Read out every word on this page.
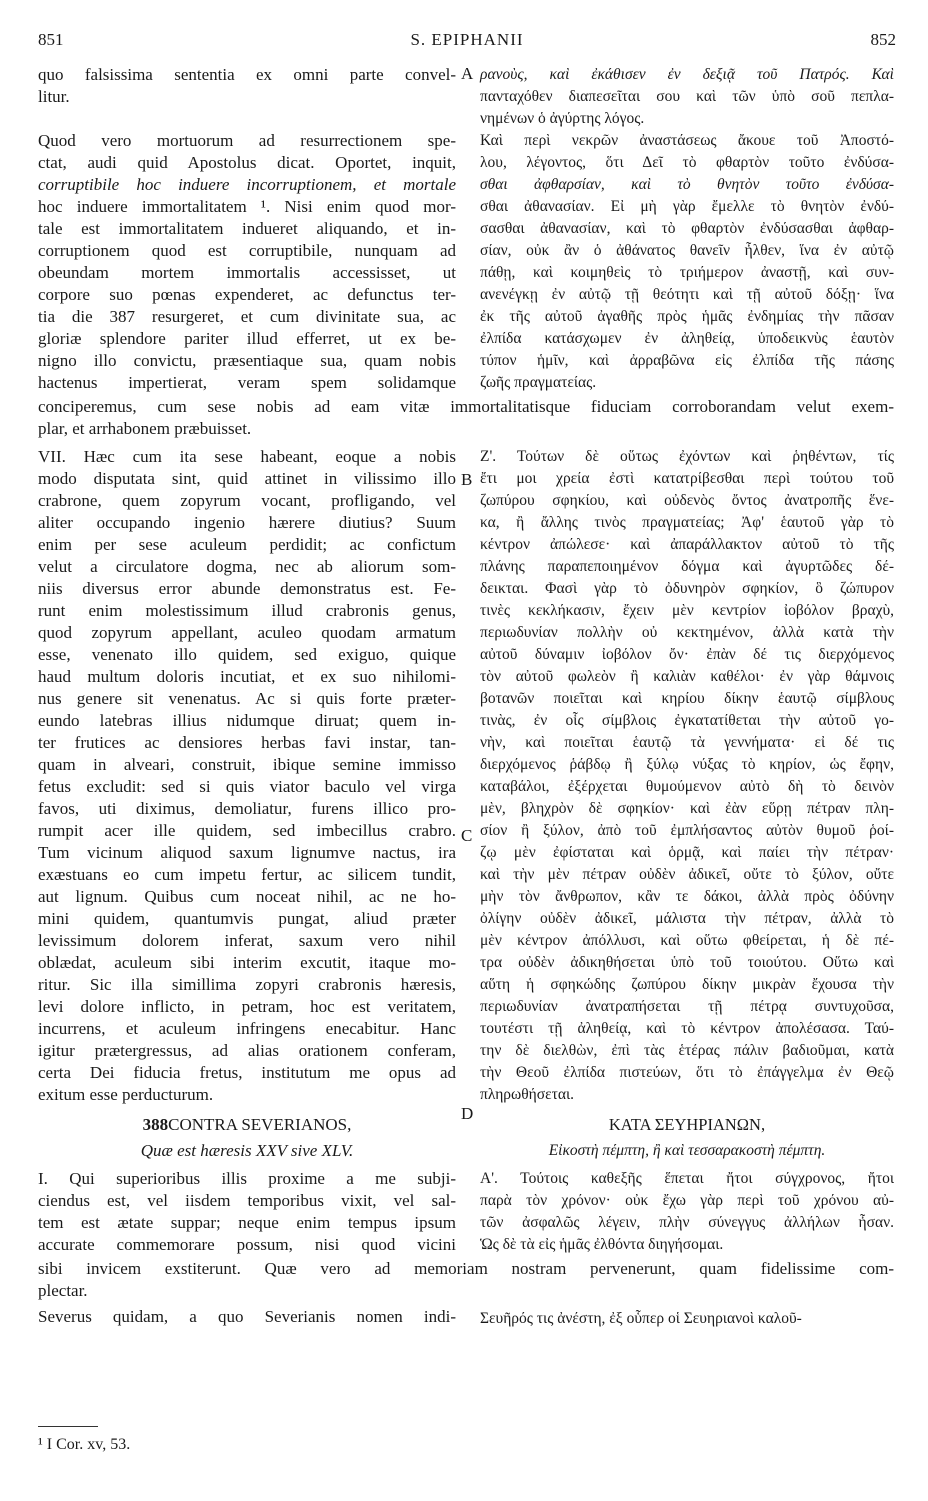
851	S. EPIPHANII	852
quo falsissima sententia ex omni parte convel-
litur.
Quod vero mortuorum ad resurrectionem spe-
ctat, audi quid Apostolus dicat. Oportet, inquit,
corruptibile hoc induere incorruptionem, et mortale
hoc induere immortalitatem ¹. Nisi enim quod mor-
tale est immortalitatem indueret aliquando, et in-
corruptionem quod est corruptibile, nunquam ad
obeundam mortem immortalis accessisset, ut
corpore suo pœnas expenderet, ac defunctus ter-
tia die 387 resurgeret, et cum divinitate sua, ac
gloriæ splendore pariter illud efferret, ut ex be-
nigno illo convictu, præsentiaque sua, quam nobis
hactenus impertierat, veram spem solidamque
ρανοὺς, καὶ ἐκάθισεν ἐν δεξιᾷ τοῦ Πατρός. Καὶ
πανταχόθεν διαπεσεῖται σου καὶ τῶν ὑπὸ σοῦ πεπλα-
νημένων ὁ ἀγύρτης λόγος.
Καὶ περὶ νεκρῶν ἀναστάσεως ἄκουε τοῦ Ἀποστό-
λου, λέγοντος, ὅτι Δεῖ τὸ φθαρτὸν τοῦτο ἐνδύσα-
σθαι ἀφθαρσίαν, καὶ τὸ θνητὸν τοῦτο ἐνδύσα-
σθαι ἀθανασίαν. Εἰ μὴ γὰρ ἔμελλε τὸ θνητὸν ἐνδύ-
σασθαι ἀθανασίαν, καὶ τὸ φθαρτὸν ἐνδύσασθαι ἀφθαρ-
σίαν, οὐκ ἂν ὁ ἀθάνατος θανεῖν ἦλθεν, ἵνα ἐν αὐτῷ
πάθῃ, καὶ κοιμηθεὶς τὸ τριήμερον ἀναστῇ, καὶ συν-
ανενέγκῃ ἐν αὐτῷ τῇ θεότητι καὶ τῇ αὐτοῦ δόξῃ· ἵνα
ἐκ τῆς αὐτοῦ ἀγαθῆς πρὸς ἡμᾶς ἐνδημίας τὴν πᾶσαν
ἐλπίδα κατάσχωμεν ἐν ἀληθείᾳ, ὑποδεικνὺς ἑαυτὸν
τύπον ἡμῖν, καὶ ἀρραβῶνα εἰς ἐλπίδα τῆς πάσης
ζωῆς πραγματείας.
A
conciperemus, cum sese nobis ad eam vitæ immortalitatisque fiduciam corroborandam velut exem-
plar, et arrhabonem præbuisset.
VII. Hæc cum ita sese habeant, eoque a nobis
modo disputata sint, quid attinet in vilissimo illo
crabrone, quem zopyrum vocant, profligando, vel
aliter occupando ingenio hærere diutius? Suum
enim per sese aculeum perdidit; ac confictum
velut a circulatore dogma, nec ab aliorum som-
niis diversus error abunde demonstratus est. Fe-
runt enim molestissimum illud crabronis genus,
quod zopyrum appellant, aculeo quodam armatum
esse, venenato illo quidem, sed exiguo, quique
haud multum doloris incutiat, et ex suo nihilomi-
nus genere sit venenatus. Ac si quis forte præter-
eundo latebras illius nidumque diruat; quem in-
ter frutices ac densiores herbas favi instar, tan-
quam in alveari, construit, ibique semine immisso
fetus excludit: sed si quis viator baculo vel virga
favos, uti diximus, demoliatur, furens illico pro-
rumpit acer ille quidem, sed imbecillus crabro.
Tum vicinum aliquod saxum lignumve nactus, ira
exæstuans eo cum impetu fertur, ac silicem tundit,
aut lignum. Quibus cum noceat nihil, ac ne ho-
mini quidem, quantumvis pungat, aliud præter
levissimum dolorem inferat, saxum vero nihil
oblædat, aculeum sibi interim excutit, itaque mo-
ritur. Sic illa simillima zopyri crabronis hæresis,
levi dolore inflicto, in petram, hoc est veritatem,
incurrens, et aculeum infringens enecabitur. Hanc
igitur prætergressus, ad alias orationem conferam,
certa Dei fiducia fretus, institutum me opus ad
exitum esse perducturum.
Ζ'. Τούτων δὲ οὕτως ἐχόντων καὶ ῥηθέντων, τίς
ἔτι μοι χρεία ἐστὶ κατατρίβεσθαι περὶ τούτου τοῦ
ζωπύρου σφηκίου, καὶ οὐδενὸς ὄντος ἀνατροπῆς ἕνε-
κα, ἢ ἄλλης τινὸς πραγματείας; Ἀφ' ἑαυτοῦ γὰρ τὸ
κέντρον ἀπώλεσε· καὶ ἀπαράλλακτον αὐτοῦ τὸ τῆς
πλάνης παραπεποιημένον δόγμα καὶ ἀγυρτῶδες δέ-
δεικται. Φασὶ γὰρ τὸ ὀδυνηρὸν σφηκίον, ὃ ζώπυρον
τινὲς κεκλήκασιν, ἔχειν μὲν κεντρίον ἰοβόλον βραχὺ,
περιωδυνίαν πολλὴν οὐ κεκτημένον, ἀλλὰ κατὰ τὴν
αὐτοῦ δύναμιν ἰοβόλον ὄν· ἐπὰν δέ τις διερχόμενος
τὸν αὐτοῦ φωλεὸν ἢ καλιὰν καθέλοι· ἐν γὰρ θάμνοις
βοτανῶν ποιεῖται καὶ κηρίου δίκην ἑαυτῷ σίμβλους
τινὰς, ἐν οἷς σίμβλοις ἐγκατατίθεται τὴν αὐτοῦ γο-
νὴν, καὶ ποιεῖται ἑαυτῷ τὰ γεννήματα· εἰ δέ τις
διερχόμενος ῥάβδῳ ἢ ξύλῳ νύξας τὸ κηρίον, ὡς ἔφην,
καταβάλοι, ἐξέρχεται θυμούμενον αὐτὸ δὴ τὸ δεινὸν
μὲν, βληχρὸν δὲ σφηκίον· καὶ ἐὰν εὕρῃ πέτραν πλη-
σίον ἢ ξύλον, ἀπὸ τοῦ ἐμπλήσαντος αὐτὸν θυμοῦ ῥοί-
ζῳ μὲν ἐφίσταται καὶ ὁρμᾷ, καὶ παίει τὴν πέτραν·
καὶ τὴν μὲν πέτραν οὐδὲν ἀδικεῖ, οὔτε τὸ ξύλον, οὔτε
μὴν τὸν ἄνθρωπον, κἂν τε δάκοι, ἀλλὰ πρὸς ὀδύνην
ὀλίγην οὐδὲν ἀδικεῖ, μάλιστα τὴν πέτραν, ἀλλὰ τὸ
μὲν κέντρον ἀπόλλυσι, καὶ οὕτω φθείρεται, ἡ δὲ πέ-
τρα οὐδὲν ἀδικηθήσεται ὑπὸ τοῦ τοιούτου. Οὕτω καὶ
αὕτη ἡ σφηκώδης ζωπύρου δίκην μικρὰν ἔχουσα τὴν
περιωδυνίαν ἀνατραπήσεται τῇ πέτρᾳ συντυχοῦσα,
τουτέστι τῇ ἀληθείᾳ, καὶ τὸ κέντρον ἀπολέσασα. Ταύ-
την δὲ διελθὼν, ἐπὶ τὰς ἑτέρας πάλιν βαδιοῦμαι, κατὰ
τὴν Θεοῦ ἐλπίδα πιστεύων, ὅτι τὸ ἐπάγγελμα ἐν Θεῷ
πληρωθήσεται.
B
C
D
388CONTRA SEVERIANOS,
Quæ est hæresis XXV sive XLV.
ΚΑΤΑ ΣΕΥΗΡΙΑΝΩΝ,
Εἰκοστὴ πέμπτη, ἢ καὶ τεσσαρακοστὴ πέμπτη.
I. Qui superioribus illis proxime a me subji-
ciendus est, vel iisdem temporibus vixit, vel sal-
tem est ætate suppar; neque enim tempus ipsum
accurate commemorare possum, nisi quod vicini
Α'. Τούτοις καθεξῆς ἕπεται ἤτοι σύγχρονος, ἤτοι
παρὰ τὸν χρόνον· οὐκ ἔχω γὰρ περὶ τοῦ χρόνου αὐ-
τῶν ἀσφαλῶς λέγειν, πλὴν σύνεγγυς ἀλλήλων ἦσαν.
Ὡς δὲ τὰ εἰς ἡμᾶς ἐλθόντα διηγήσομαι.
sibi invicem exstiterunt. Quæ vero ad memoriam nostram pervenerunt, quam fidelissime com-
plectar.
Severus quidam, a quo Severianis nomen indi- Σευῆρός τις ἀνέστη, ἐξ οὗπερ οἱ Σευηριανοὶ καλοῦ-
¹ I Cor. xv, 53.
